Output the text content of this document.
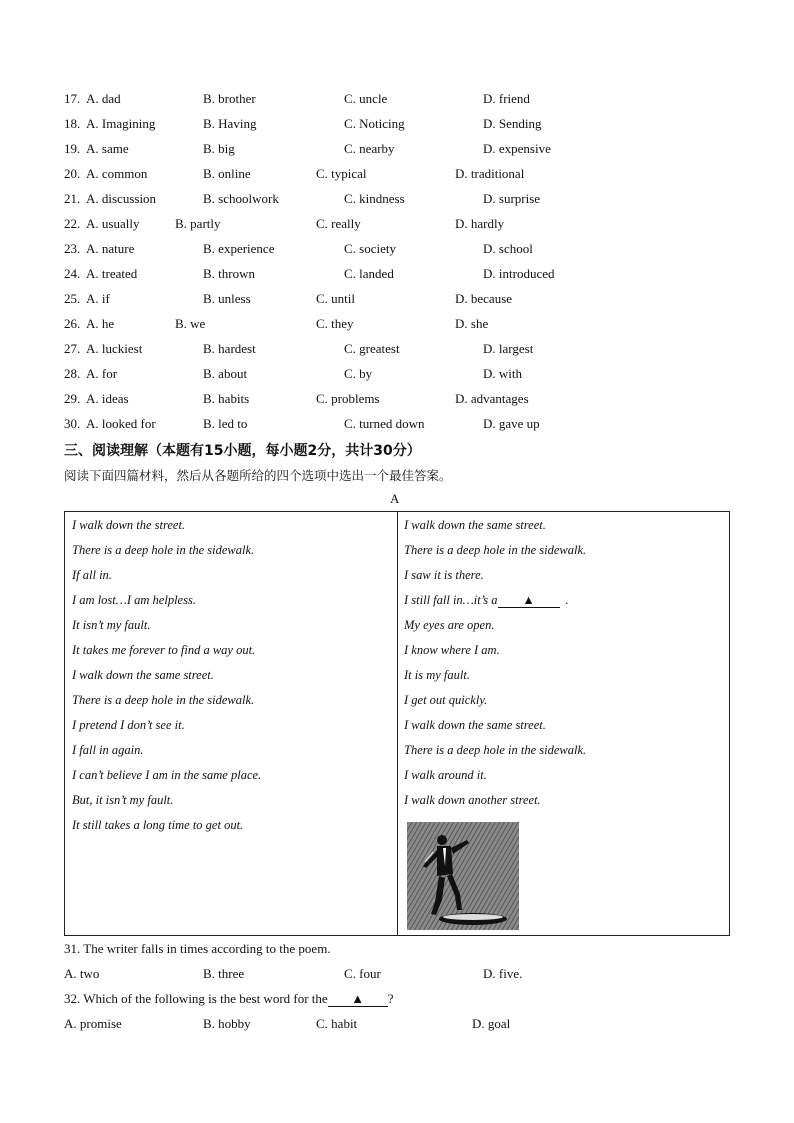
17. A. dad	B. brother	C. uncle	D. friend
18. A. Imagining	B. Having	C. Noticing	D. Sending
19. A. same	B. big	C. nearby	D. expensive
20. A. common	B. online	C. typical	D. traditional
21. A. discussion	B. schoolwork	C. kindness	D. surprise
22. A. usually	B. partly	C. really	D. hardly
23. A. nature	B. experience	C. society	D. school
24. A. treated	B. thrown	C. landed	D. introduced
25. A. if	B. unless	C. until	D. because
26. A. he	B. we	C. they	D. she
27. A. luckiest	B. hardest	C. greatest	D. largest
28. A. for	B. about	C. by	D. with
29. A. ideas	B. habits	C. problems	D. advantages
30. A. looked for	B. led to	C. turned down	D. gave up
三、阅读理解（本题有15小题，每小题2分，共计30分）
阅读下面四篇材料，然后从各题所给的四个选项中选出一个最佳答案。
A
I walk down the street.
There is a deep hole in the sidewalk.
If all in.
I am lost…I am helpless.
It isn’t my fault.
It takes me forever to find a way out.
I walk down the same street.
There is a deep hole in the sidewalk.
I pretend I don’t see it.
I fall in again.
I can’t believe I am in the same place.
But, it isn’t my fault.
It still takes a long time to get out.
I walk down the same street.
There is a deep hole in the sidewalk.
I saw it is there.
I still fall in…it’s a ▲ .
My eyes are open.
I know where I am.
It is my fault.
I get out quickly.
I walk down the same street.
There is a deep hole in the sidewalk.
I walk around it.
I walk down another street.
31. The writer falls in times according to the poem.
A. two	B. three	C. four	D. five.
32. Which of the following is the best word for the ▲ ?
A. promise	B. hobby	C. habit	D. goal
